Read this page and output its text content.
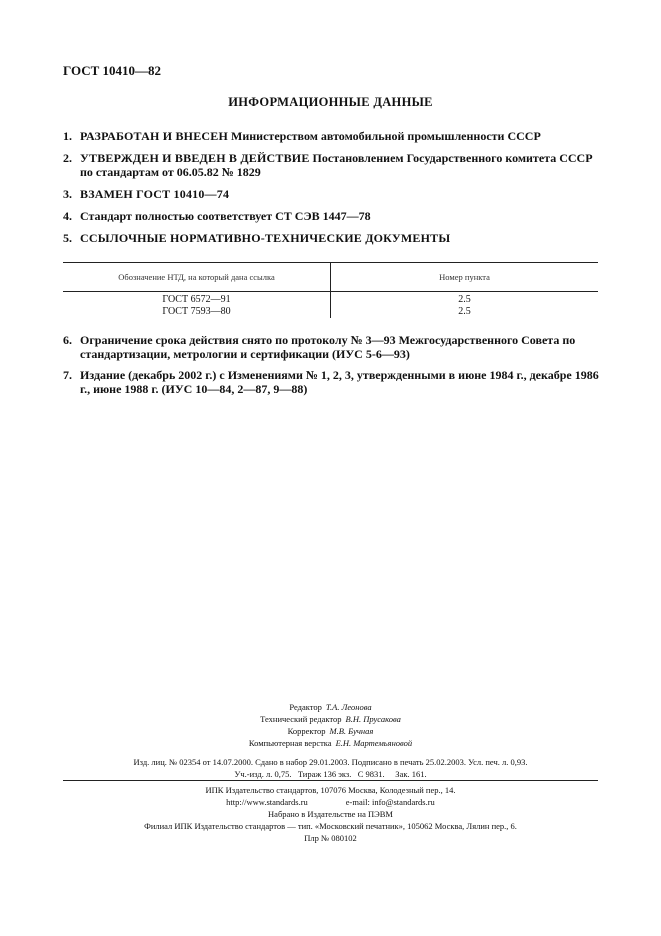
ГОСТ 10410—82
ИНФОРМАЦИОННЫЕ ДАННЫЕ
1. РАЗРАБОТАН И ВНЕСЕН Министерством автомобильной промышленности СССР
2. УТВЕРЖДЕН И ВВЕДЕН В ДЕЙСТВИЕ Постановлением Государственного комитета СССР по стандартам от 06.05.82 № 1829
3. ВЗАМЕН ГОСТ 10410—74
4. Стандарт полностью соответствует СТ СЭВ 1447—78
5. ССЫЛОЧНЫЕ НОРМАТИВНО-ТЕХНИЧЕСКИЕ ДОКУМЕНТЫ
Обозначение НТД, на который дана ссылка	Номер пункта
ГОСТ 6572—91	2.5
ГОСТ 7593—80	2.5
6. Ограничение срока действия снято по протоколу № 3—93 Межгосударственного Совета по стандартизации, метрологии и сертификации (ИУС 5-6—93)
7. Издание (декабрь 2002 г.) с Изменениями № 1, 2, 3, утвержденными в июне 1984 г., декабре 1986 г., июне 1988 г. (ИУС 10—84, 2—87, 9—88)
Редактор Т.А. Леонова
Технический редактор В.Н. Прусакова
Корректор М.В. Бучная
Компьютерная верстка Е.Н. Мартемьяновой
Изд. лиц. № 02354 от 14.07.2000. Сдано в набор 29.01.2003. Подписано в печать 25.02.2003. Усл. печ. л. 0,93.
Уч.-изд. л. 0,75.   Тираж 136 экз.   С 9831.     Зак. 161.
ИПК Издательство стандартов, 107076 Москва, Колодезный пер., 14.
http://www.standards.ru	e-mail: info@standards.ru
Набрано в Издательстве на ПЭВМ
Филиал ИПК Издательство стандартов — тип. «Московский печатник», 105062 Москва, Лялин пер., 6.
Плр № 080102
